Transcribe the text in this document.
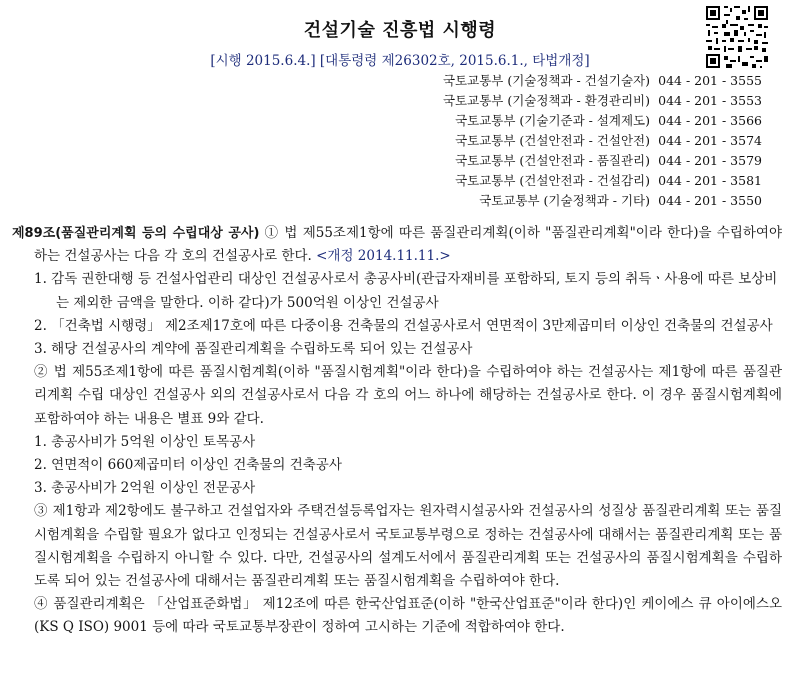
건설기술 진흥법 시행령
[시행 2015.6.4.] [대통령령 제26302호, 2015.6.1., 타법개정]
국토교통부 (기술정책과 - 건설기술자) 044 - 201 - 3555
국토교통부 (기술정책과 - 환경관리비) 044 - 201 - 3553
국토교통부 (기술기준과 - 설계제도) 044 - 201 - 3566
국토교통부 (건설안전과 - 건설안전) 044 - 201 - 3574
국토교통부 (건설안전과 - 품질관리) 044 - 201 - 3579
국토교통부 (건설안전과 - 건설감리) 044 - 201 - 3581
국토교통부 (기술정책과 - 기타) 044 - 201 - 3550

제89조(품질관리계획 등의 수립대상 공사) ① 법 제55조제1항에 따른 품질관리계획(이하 "품질관리계획"이라 한다)을 수립하여야 하는 건설공사는 다음 각 호의 건설공사로 한다. <개정 2014.11.11.>

1. 감독 권한대행 등 건설사업관리 대상인 건설공사로서 총공사비(관급자재비를 포함하되, 토지 등의 취득ㆍ사용에 따른 보상비는 제외한 금액을 말한다. 이하 같다)가 500억원 이상인 건설공사

2. 「건축법 시행령」 제2조제17호에 따른 다중이용 건축물의 건설공사로서 연면적이 3만제곱미터 이상인 건축물의 건설공사

3. 해당 건설공사의 계약에 품질관리계획을 수립하도록 되어 있는 건설공사

② 법 제55조제1항에 따른 품질시험계획(이하 "품질시험계획"이라 한다)을 수립하여야 하는 건설공사는 제1항에 따른 품질관리계획 수립 대상인 건설공사 외의 건설공사로서 다음 각 호의 어느 하나에 해당하는 건설공사로 한다. 이 경우 품질시험계획에 포함하여야 하는 내용은 별표 9와 같다.

1. 총공사비가 5억원 이상인 토목공사

2. 연면적이 660제곱미터 이상인 건축물의 건축공사

3. 총공사비가 2억원 이상인 전문공사

③ 제1항과 제2항에도 불구하고 건설업자와 주택건설등록업자는 원자력시설공사와 건설공사의 성질상 품질관리계획 또는 품질시험계획을 수립할 필요가 없다고 인정되는 건설공사로서 국토교통부령으로 정하는 건설공사에 대해서는 품질관리계획 또는 품질시험계획을 수립하지 아니할 수 있다. 다만, 건설공사의 설계도서에서 품질관리계획 또는 건설공사의 품질시험계획을 수립하도록 되어 있는 건설공사에 대해서는 품질관리계획 또는 품질시험계획을 수립하여야 한다.

④ 품질관리계획은 「산업표준화법」 제12조에 따른 한국산업표준(이하 "한국산업표준"이라 한다)인 케이에스 큐 아이에스오(KS Q ISO) 9001 등에 따라 국토교통부장관이 정하여 고시하는 기준에 적합하여야 한다.
